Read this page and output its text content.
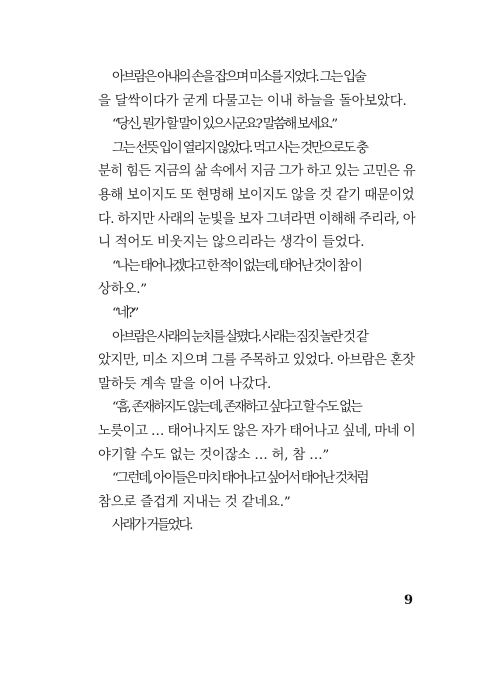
아브람은 아내의 손을 잡으며 미소를 지었다. 그는 입술
을 달싹이다가 굳게 다물고는 이내 하늘을 돌아보았다.

“당신, 뭔가 할 말이 있으시군요? 말씀해 보세요.”

그는 선뜻 입이 열리지 않았다. 먹고 사는 것만으로도 충
분히 힘든 지금의 삶 속에서 지금 그가 하고 있는 고민은 유
용해 보이지도 또 현명해 보이지도 않을 것 같기 때문이었
다. 하지만 사래의 눈빛을 보자 그녀라면 이해해 주리라, 아
니 적어도 비웃지는 않으리라는 생각이 들었다.

“나는 태어나겠다고 한 적이 없는데, 태어난 것이 참 이
상하오.”

“네?”

아브람은 사래의 눈치를 살폈다. 사래는 짐짓 놀란 것 같
았지만, 미소 지으며 그를 주목하고 있었다. 아브람은 혼잣
말하듯 계속 말을 이어 나갔다.

“흠, 존재하지도 않는데, 존재하고 싶다고 할 수도 없는
노릇이고 … 태어나지도 않은 자가 태어나고 싶네, 마네 이
야기할 수도 없는 것이잖소 … 허, 참 …”

“그런데, 아이들은 마치 태어나고 싶어서 태어난 것처럼
참으로 즐겁게 지내는 것 같네요.”

사래가 거들었다.

9
